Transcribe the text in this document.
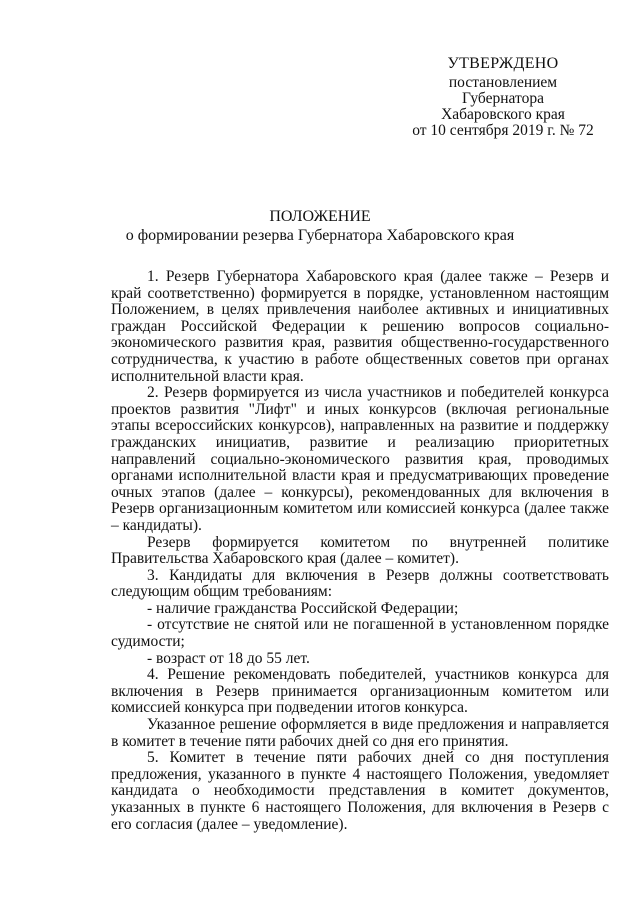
УТВЕРЖДЕНО
постановлением
Губернатора
Хабаровского края
от 10 сентября 2019 г. № 72
ПОЛОЖЕНИЕ
о формировании резерва Губернатора Хабаровского края

1. Резерв Губернатора Хабаровского края (далее также – Резерв и край соответственно) формируется в порядке, установленном настоящим Положением, в целях привлечения наиболее активных и инициативных граждан Российской Федерации к решению вопросов социально-экономического развития края, развития общественно-государственного сотрудничества, к участию в работе общественных советов при органах исполнительной власти края.

2. Резерв формируется из числа участников и победителей конкурса проектов развития "Лифт" и иных конкурсов (включая региональные этапы всероссийских конкурсов), направленных на развитие и поддержку гражданских инициатив, развитие и реализацию приоритетных направлений социально-экономического развития края, проводимых органами исполнительной власти края и предусматривающих проведение очных этапов (далее – конкурсы), рекомендованных для включения в Резерв организационным комитетом или комиссией конкурса (далее также – кандидаты).

Резерв формируется комитетом по внутренней политике Правительства Хабаровского края (далее – комитет).

3. Кандидаты для включения в Резерв должны соответствовать следующим общим требованиям:

- наличие гражданства Российской Федерации;

- отсутствие не снятой или не погашенной в установленном порядке судимости;

- возраст от 18 до 55 лет.

4. Решение рекомендовать победителей, участников конкурса для включения в Резерв принимается организационным комитетом или комиссией конкурса при подведении итогов конкурса.

Указанное решение оформляется в виде предложения и направляется в комитет в течение пяти рабочих дней со дня его принятия.

5. Комитет в течение пяти рабочих дней со дня поступления предложения, указанного в пункте 4 настоящего Положения, уведомляет кандидата о необходимости представления в комитет документов, указанных в пункте 6 настоящего Положения, для включения в Резерв с его согласия (далее – уведомление).
